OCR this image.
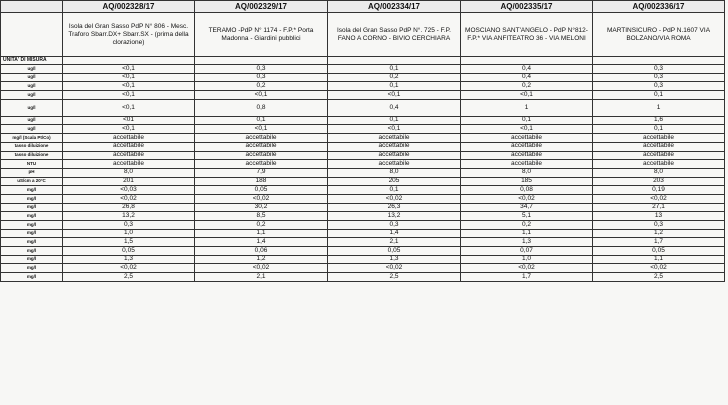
	AQ/002328/17	AQ/002329/17	AQ/002334/17	AQ/002335/17	AQ/002336/17
	Isola del Gran Sasso PdP N° 806 - Mesc. Traforo Sbarr.DX+ Sbarr.SX - (prima della clorazione)	TERAMO -PdP N° 1174 - F.P.* Porta Madonna - Giardini pubblici	Isola del Gran Sasso PdP N°. 725 - F.P. FANO A CORNO - BIVIO CERCHIARA	MOSCIANO SANT'ANGELO - PdP N°812- F.P.* VIA ANFITEATRO 36 - VIA MELONI	MARTINSICURO - PdP N.1607 VIA BOLZANO/VIA ROMA
UNITA' DI MISURA					
ug/l	<0,1	0,3	0,1	0,4	0,3
ug/l	<0,1	0,3	0,2	0,4	0,3
ug/l	<0,1	0,2	0,1	0,2	0,3
ug/l	<0,1	<0,1	<0,1	<0,1	0,1
ug/l	<0,1	0,8	0,4	1	1
ug/l	<01	0,1	0,1	0,1	1,6
ug/l	<0,1	<0,1	<0,1	<0,1	0,1
mg/l (Scala Pt/Co)	accettabile	accettabile	accettabile	accettabile	accettabile
tasso diluizione	accettabile	accettabile	accettabile	accettabile	accettabile
tasso diluizione	accettabile	accettabile	accettabile	accettabile	accettabile
NTU	accettabile	accettabile	accettabile	accettabile	accettabile
pH	8,0	7,9	8,0	8,0	8,0
uS/cm a 20°C	201	188	205	185	203
mg/l	<0,03	0,05	0,1	0,08	0,19
mg/l	<0,02	<0,02	<0,02	<0,02	<0,02
mg/l	26,8	30,2	26,3	34,7	27,1
mg/l	13,2	8,5	13,2	5,1	13
mg/l	0,3	0,2	0,3	0,2	0,3
mg/l	1,0	1,1	1,4	1,1	1,2
mg/l	1,5	1,4	2,1	1,3	1,7
mg/l	0,05	0,06	0,05	0,07	0,05
mg/l	1,3	1,2	1,3	1,0	1,1
mg/l	<0,02	<0,02	<0,02	<0,02	<0,02
mg/l	2,5	2,1	2,5	1,7	2,5
